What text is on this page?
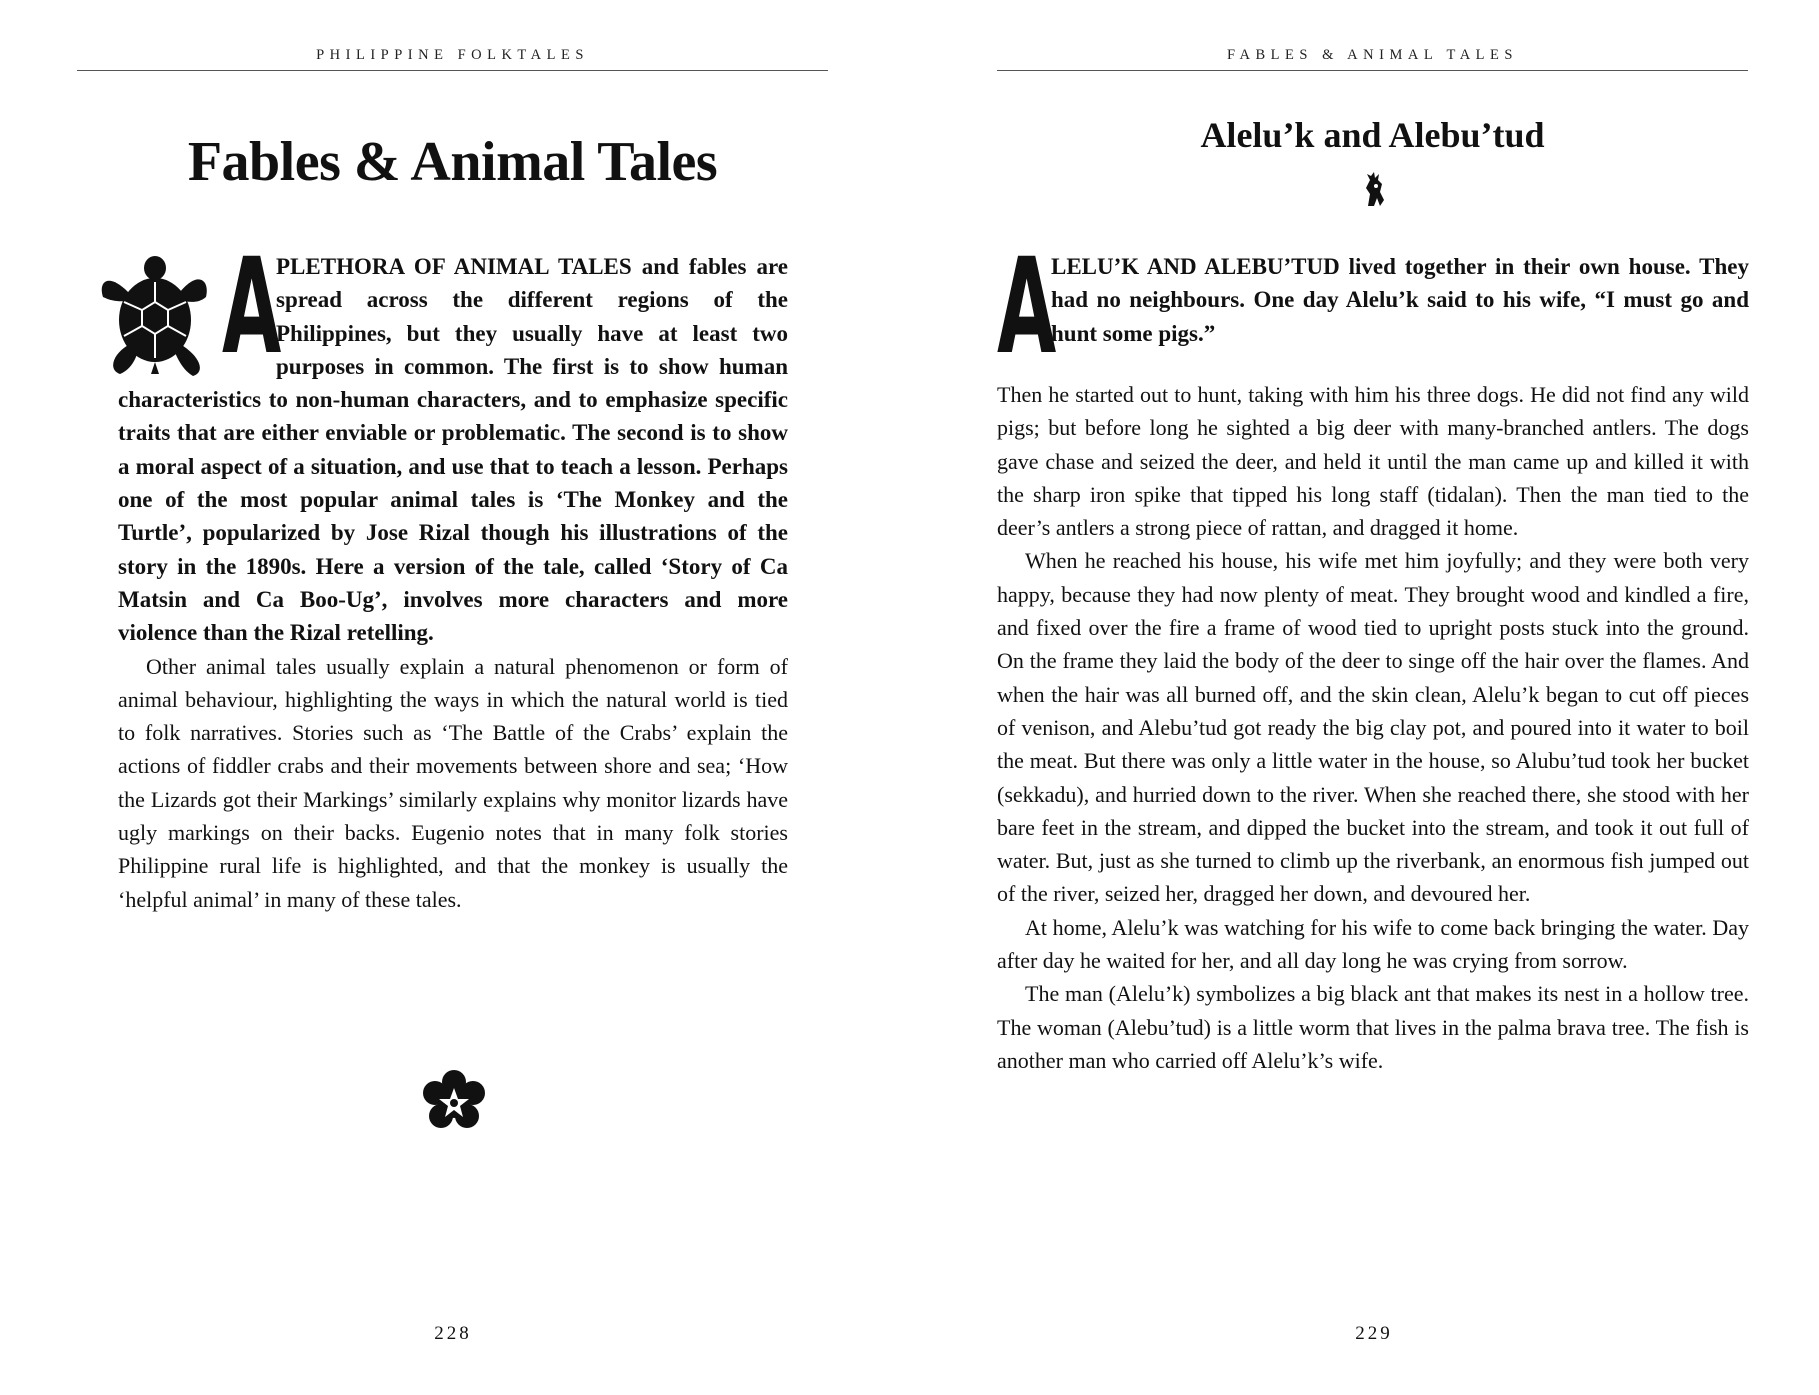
PHILIPPINE FOLKTALES
Fables & Animal Tales
A

PLETHORA OF ANIMAL TALES and fables are spread across the different regions of the Philippines, but they usually have at least two purposes in common. The first is to show human characteristics to non-human characters, and to emphasize specific traits that are either enviable or problematic. The second is to show a moral aspect of a situation, and use that to teach a lesson. Perhaps one of the most popular animal tales is ‘The Monkey and the Turtle’, popularized by Jose Rizal though his illustrations of the story in the 1890s. Here a version of the tale, called ‘Story of Ca Matsin and Ca Boo-Ug’, involves more characters and more violence than the Rizal retelling.

Other animal tales usually explain a natural phenomenon or form of animal behaviour, highlighting the ways in which the natural world is tied to folk narratives. Stories such as ‘The Battle of the Crabs’ explain the actions of fiddler crabs and their movements between shore and sea; ‘How the Lizards got their Markings’ similarly explains why monitor lizards have ugly markings on their backs. Eugenio notes that in many folk stories Philippine rural life is highlighted, and that the monkey is usually the ‘helpful animal’ in many of these tales.

228
FABLES & ANIMAL TALES
Alelu’k and Alebu’tud
A

LELU’K AND ALEBU’TUD lived together in their own house. They had no neighbours. One day Alelu’k said to his wife, “I must go and hunt some pigs.”

Then he started out to hunt, taking with him his three dogs. He did not find any wild pigs; but before long he sighted a big deer with many-branched antlers. The dogs gave chase and seized the deer, and held it until the man came up and killed it with the sharp iron spike that tipped his long staff (tidalan). Then the man tied to the deer’s antlers a strong piece of rattan, and dragged it home.

When he reached his house, his wife met him joyfully; and they were both very happy, because they had now plenty of meat. They brought wood and kindled a fire, and fixed over the fire a frame of wood tied to upright posts stuck into the ground. On the frame they laid the body of the deer to singe off the hair over the flames. And when the hair was all burned off, and the skin clean, Alelu’k began to cut off pieces of venison, and Alebu’tud got ready the big clay pot, and poured into it water to boil the meat. But there was only a little water in the house, so Alubu’tud took her bucket (sekkadu), and hurried down to the river. When she reached there, she stood with her bare feet in the stream, and dipped the bucket into the stream, and took it out full of water. But, just as she turned to climb up the riverbank, an enormous fish jumped out of the river, seized her, dragged her down, and devoured her.

At home, Alelu’k was watching for his wife to come back bringing the water. Day after day he waited for her, and all day long he was crying from sorrow.

The man (Alelu’k) symbolizes a big black ant that makes its nest in a hollow tree. The woman (Alebu’tud) is a little worm that lives in the palma brava tree. The fish is another man who carried off Alelu’k’s wife.

229
